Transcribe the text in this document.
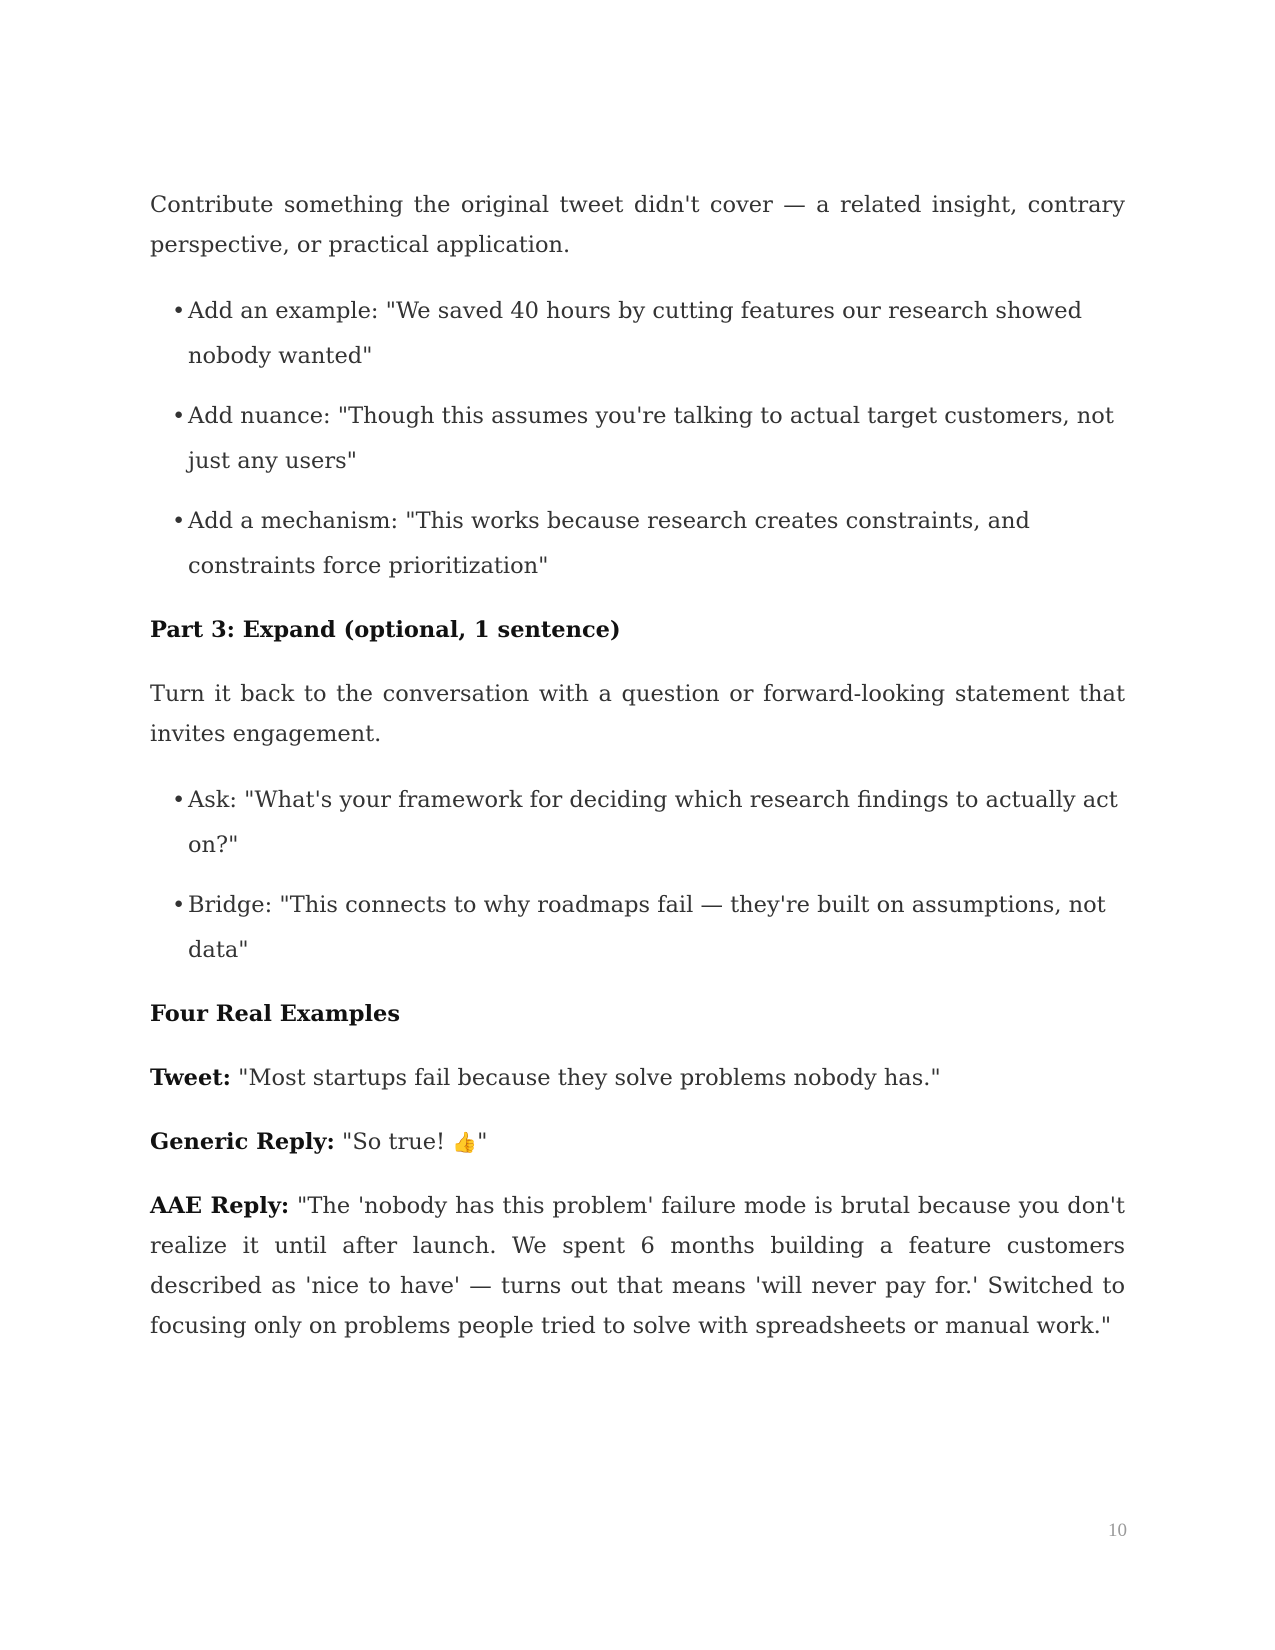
Contribute something the original tweet didn't cover — a related insight, contrary perspective, or practical application.

• Add an example: "We saved 40 hours by cutting features our research showed nobody wanted"
• Add nuance: "Though this assumes you're talking to actual target customers, not just any users"
• Add a mechanism: "This works because research creates constraints, and constraints force prioritization"
Part 3: Expand (optional, 1 sentence)

Turn it back to the conversation with a question or forward-looking statement that invites engagement.

• Ask: "What's your framework for deciding which research findings to actually act on?"
• Bridge: "This connects to why roadmaps fail — they're built on assumptions, not data"
Four Real Examples

Tweet: "Most startups fail because they solve problems nobody has."

Generic Reply: "So true! 👍"

AAE Reply: "The 'nobody has this problem' failure mode is brutal because you don't realize it until after launch. We spent 6 months building a feature customers described as 'nice to have' — turns out that means 'will never pay for.' Switched to focusing only on problems people tried to solve with spreadsheets or manual work."

10
